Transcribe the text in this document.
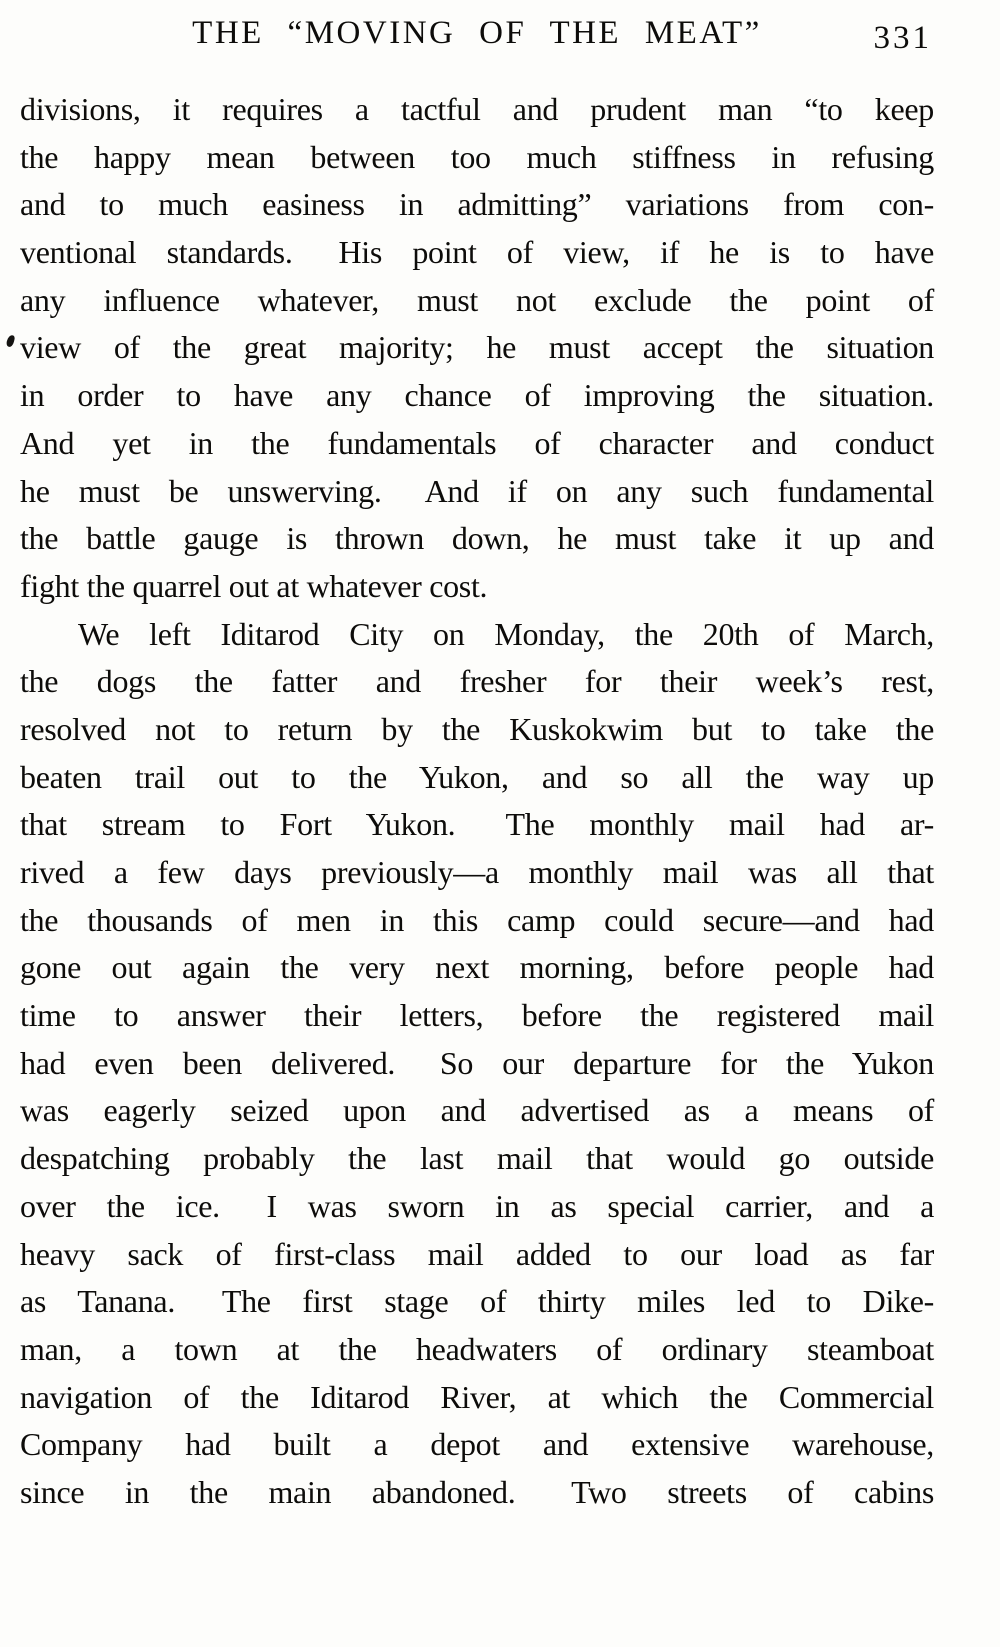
THE “MOVING OF THE MEAT”	331
divisions, it requires a tactful and prudent man “to keep
the happy mean between too much stiffness in refusing
and to much easiness in admitting” variations from con-
ventional standards.  His point of view, if he is to have
any influence whatever, must not exclude the point of
view of the great majority; he must accept the situation
in order to have any chance of improving the situation.
And yet in the fundamentals of character and conduct
he must be unswerving.  And if on any such fundamental
the battle gauge is thrown down, he must take it up and
fight the quarrel out at whatever cost.
We left Iditarod City on Monday, the 20th of March,
the dogs the fatter and fresher for their week’s rest,
resolved not to return by the Kuskokwim but to take the
beaten trail out to the Yukon, and so all the way up
that stream to Fort Yukon.  The monthly mail had ar-
rived a few days previously—a monthly mail was all that
the thousands of men in this camp could secure—and had
gone out again the very next morning, before people had
time to answer their letters, before the registered mail
had even been delivered.  So our departure for the Yukon
was eagerly seized upon and advertised as a means of
despatching probably the last mail that would go outside
over the ice.  I was sworn in as special carrier, and a
heavy sack of first-class mail added to our load as far
as Tanana.  The first stage of thirty miles led to Dike-
man, a town at the headwaters of ordinary steamboat
navigation of the Iditarod River, at which the Commercial
Company had built a depot and extensive warehouse,
since in the main abandoned.  Two streets of cabins
